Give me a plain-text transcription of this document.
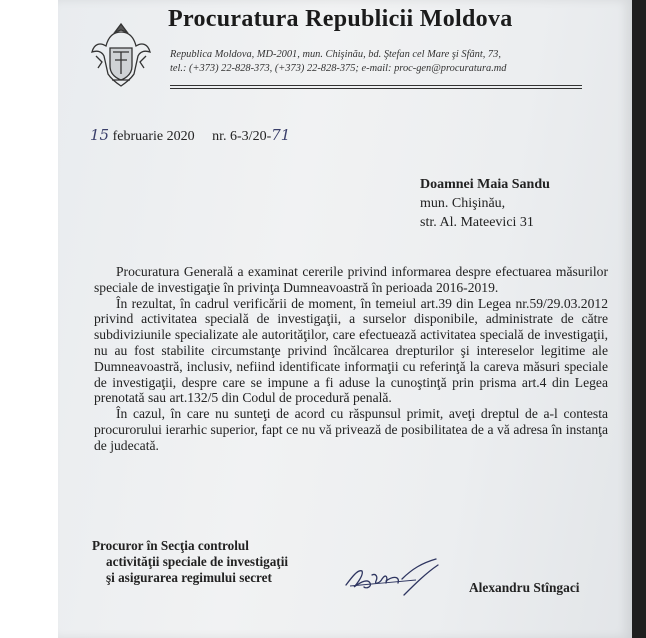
Procuratura Republicii Moldova
Republica Moldova, MD-2001, mun. Chişinău, bd. Ştefan cel Mare şi Sfânt, 73,
tel.: (+373) 22-828-373, (+373) 22-828-375; e-mail: proc-gen@procuratura.md
15 februarie 2020 nr. 6-3/20-71
Doamnei Maia Sandu
mun. Chişinău,
str. Al. Mateevici 31

Procuratura Generală a examinat cererile privind informarea despre efectuarea măsurilor speciale de investigaţie în privinţa Dumneavoastră în perioada 2016-2019.

În rezultat, în cadrul verificării de moment, în temeiul art.39 din Legea nr.59/29.03.2012 privind activitatea specială de investigaţii, a surselor disponibile, administrate de către subdiviziunile specializate ale autorităţilor, care efectuează activitatea specială de investigaţii, nu au fost stabilite circumstanţe privind încălcarea drepturilor şi intereselor legitime ale Dumneavoastră, inclusiv, nefiind identificate informaţii cu referinţă la careva măsuri speciale de investigaţii, despre care se impune a fi aduse la cunoştinţă prin prisma art.4 din Legea prenotată sau art.132/5 din Codul de procedură penală.

În cazul, în care nu sunteţi de acord cu răspunsul primit, aveţi dreptul de a-l contesta procurorului ierarhic superior, fapt ce nu vă privează de posibilitatea de a vă adresa în instanţa de judecată.

Procuror în Secţia controlul
activităţii speciale de investigaţii
şi asigurarea regimului secret
Alexandru Stîngaci
